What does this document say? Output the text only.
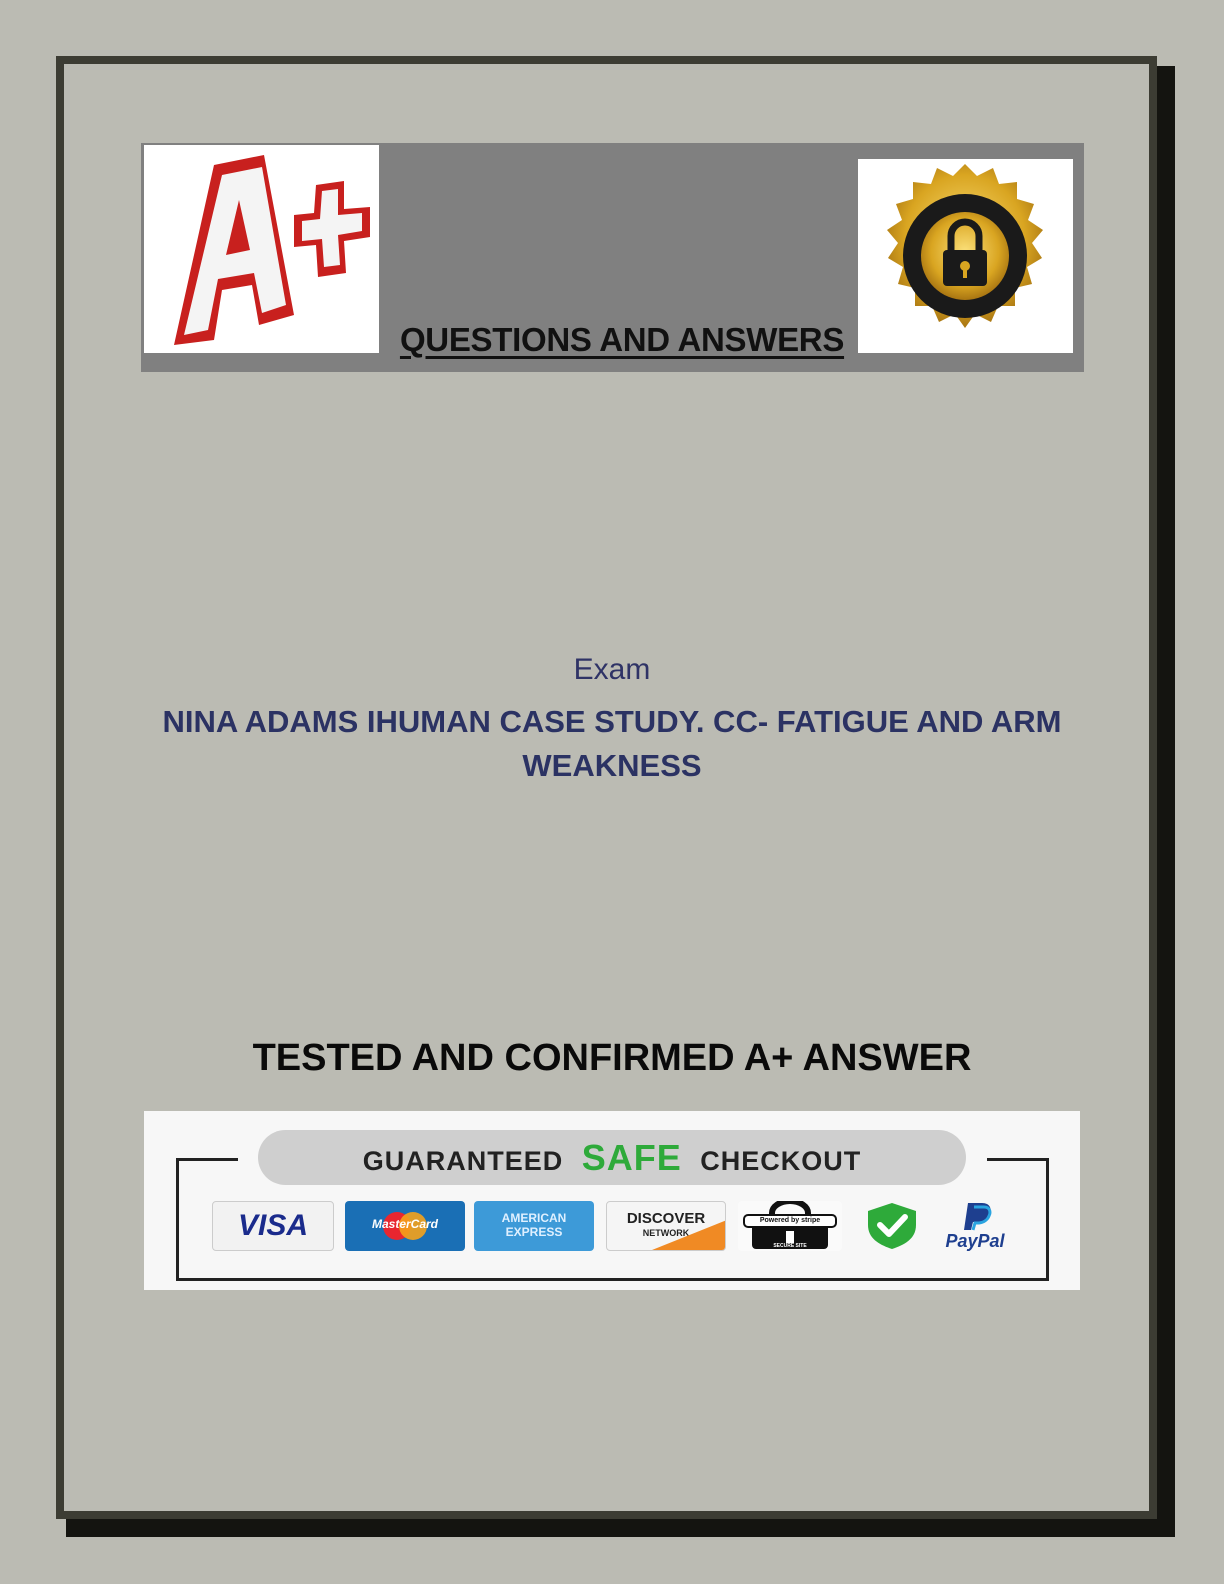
QUESTIONS AND ANSWERS
Exam
NINA ADAMS IHUMAN CASE STUDY. CC- FATIGUE AND ARM WEAKNESS
TESTED AND CONFIRMED A+ ANSWER
GUARANTEED SAFE CHECKOUT
VISA	MasterCard	AMERICAN EXPRESS
DISCOVER
NETWORK
Powered by stripe
SECURE SITE	PayPal
